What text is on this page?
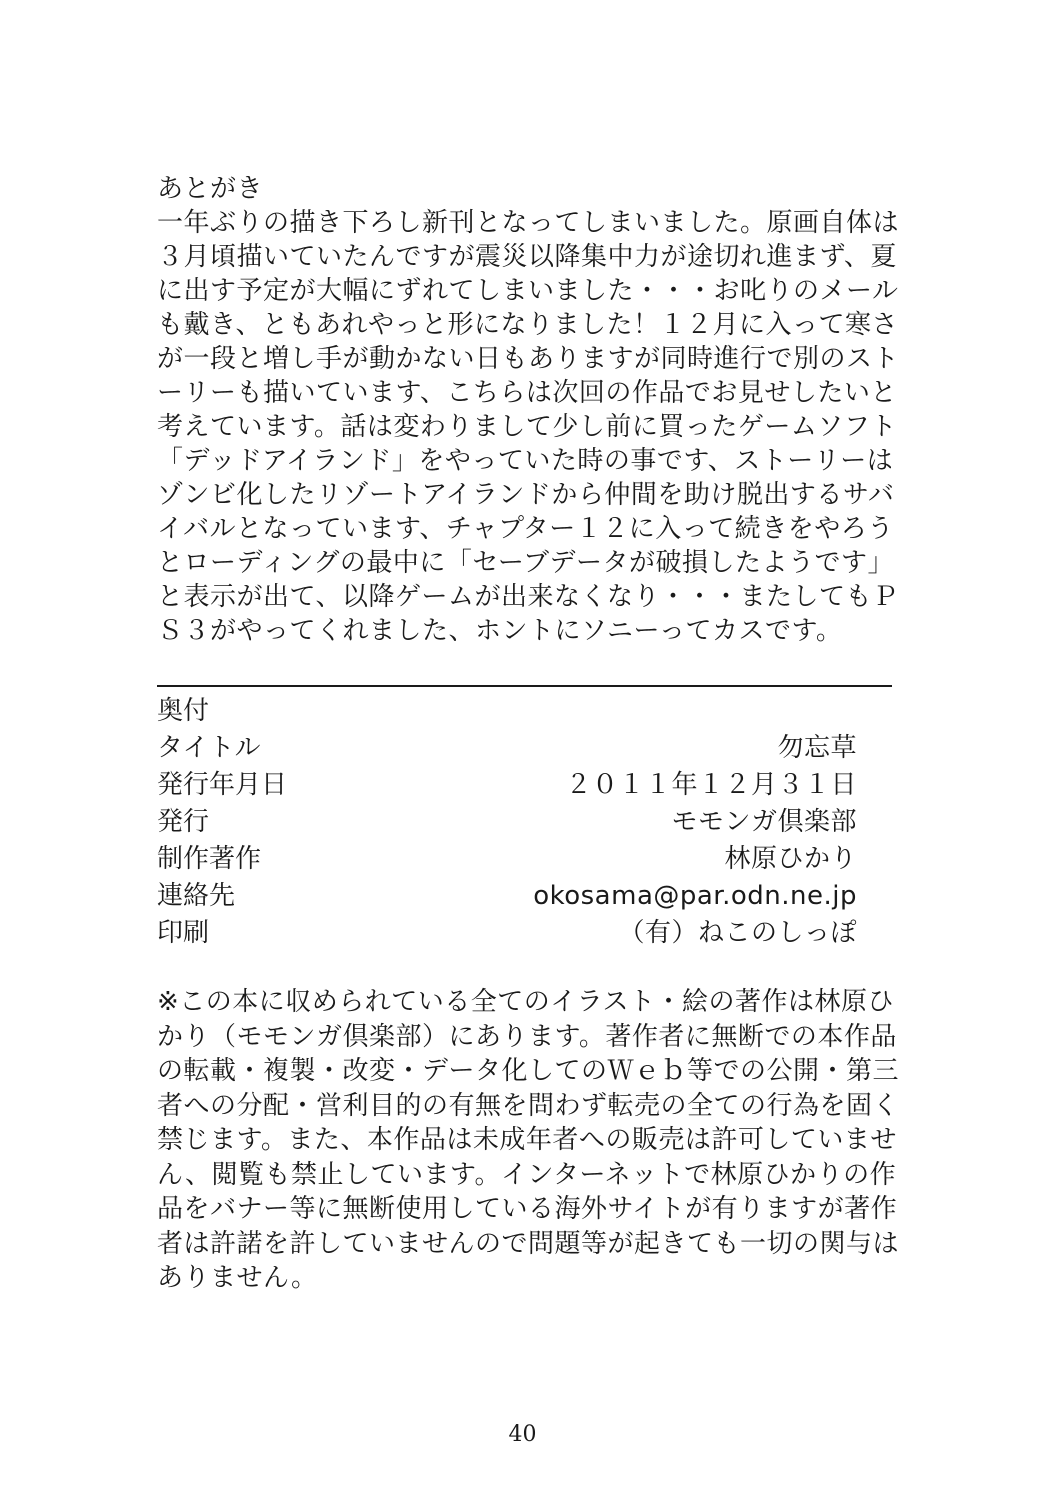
あとがき
一年ぶりの描き下ろし新刊となってしまいました。原画自体は
３月頃描いていたんですが震災以降集中力が途切れ進まず、夏
に出す予定が大幅にずれてしまいました・・・お叱りのメール
も戴き、ともあれやっと形になりました！１２月に入って寒さ
が一段と増し手が動かない日もありますが同時進行で別のスト
ーリーも描いています、こちらは次回の作品でお見せしたいと
考えています。話は変わりまして少し前に買ったゲームソフト
「デッドアイランド」をやっていた時の事です、ストーリーは
ゾンビ化したリゾートアイランドから仲間を助け脱出するサバ
イバルとなっています、チャプター１２に入って続きをやろう
とローディングの最中に「セーブデータが破損したようです」
と表示が出て、以降ゲームが出来なくなり・・・またしてもＰ
Ｓ３がやってくれました、ホントにソニーってカスです。
奥付
タイトル	勿忘草
発行年月日	２０１１年１２月３１日
発行	モモンガ倶楽部
制作著作	林原ひかり
連絡先	okosama@par.odn.ne.jp
印刷	（有）ねこのしっぽ
※この本に収められている全てのイラスト・絵の著作は林原ひ
かり（モモンガ倶楽部）にあります。著作者に無断での本作品
の転載・複製・改変・データ化してのＷｅｂ等での公開・第三
者への分配・営利目的の有無を問わず転売の全ての行為を固く
禁じます。また、本作品は未成年者への販売は許可していませ
ん、閲覧も禁止しています。インターネットで林原ひかりの作
品をバナー等に無断使用している海外サイトが有りますが著作
者は許諾を許していませんので問題等が起きても一切の関与は
ありません。
40
